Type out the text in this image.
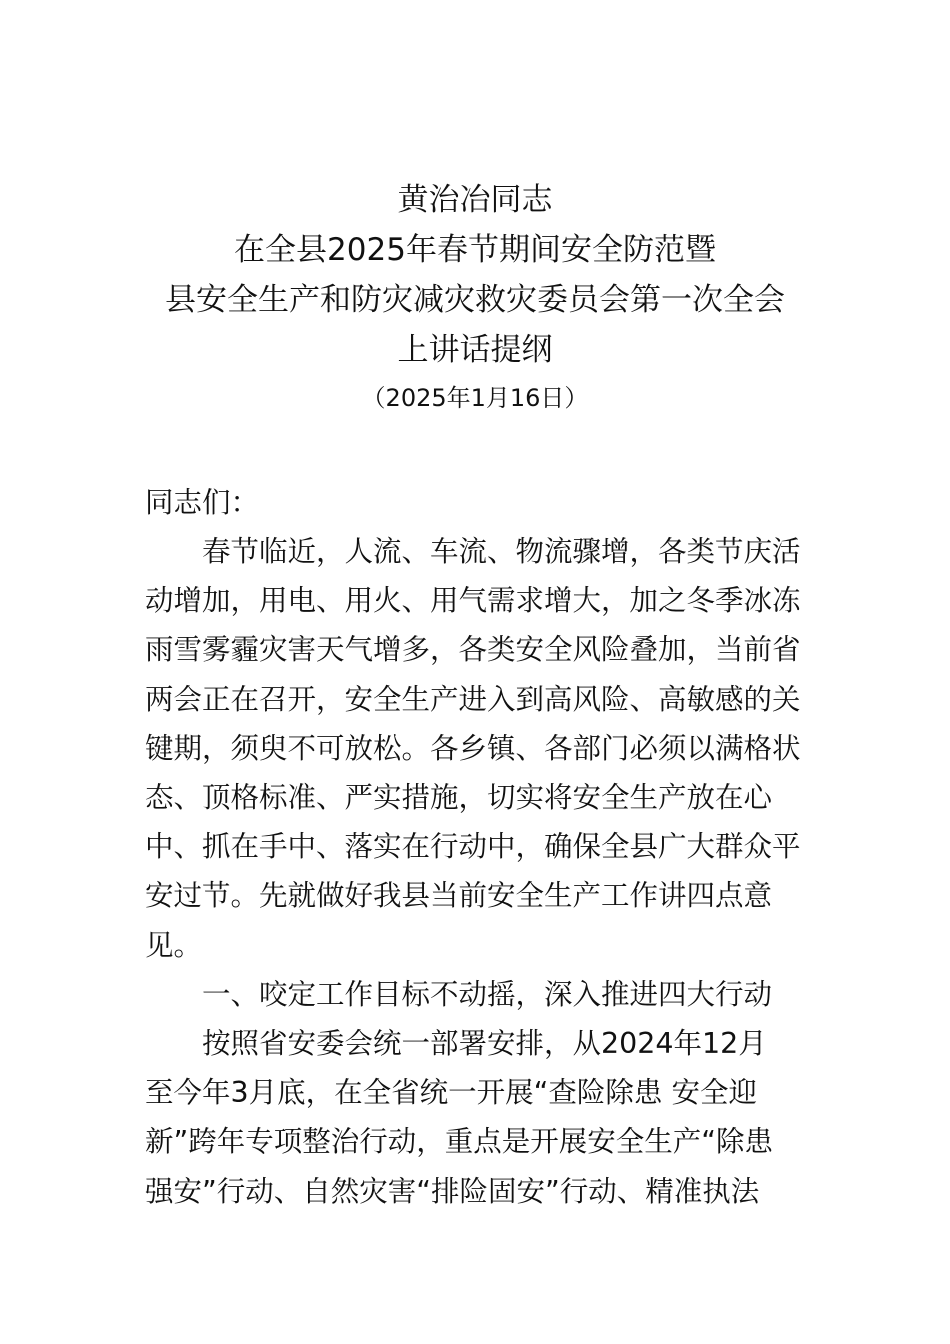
黄治冶同志
在全县2025年春节期间安全防范暨
县安全生产和防灾减灾救灾委员会第一次全会
上讲话提纲
（2025年1月16日）

同志们：

春节临近，人流、车流、物流骤增，各类节庆活

动增加，用电、用火、用气需求增大，加之冬季冰冻

雨雪雾霾灾害天气增多，各类安全风险叠加，当前省

两会正在召开，安全生产进入到高风险、高敏感的关

键期，须臾不可放松。各乡镇、各部门必须以满格状

态、顶格标准、严实措施，切实将安全生产放在心

中、抓在手中、落实在行动中，确保全县广大群众平

安过节。先就做好我县当前安全生产工作讲四点意

见。

一、咬定工作目标不动摇，深入推进四大行动

按照省安委会统一部署安排，从2024年12月

至今年3月底，在全省统一开展“查险除患 安全迎

新”跨年专项整治行动，重点是开展安全生产“除患

强安”行动、自然灾害“排险固安”行动、精准执法
